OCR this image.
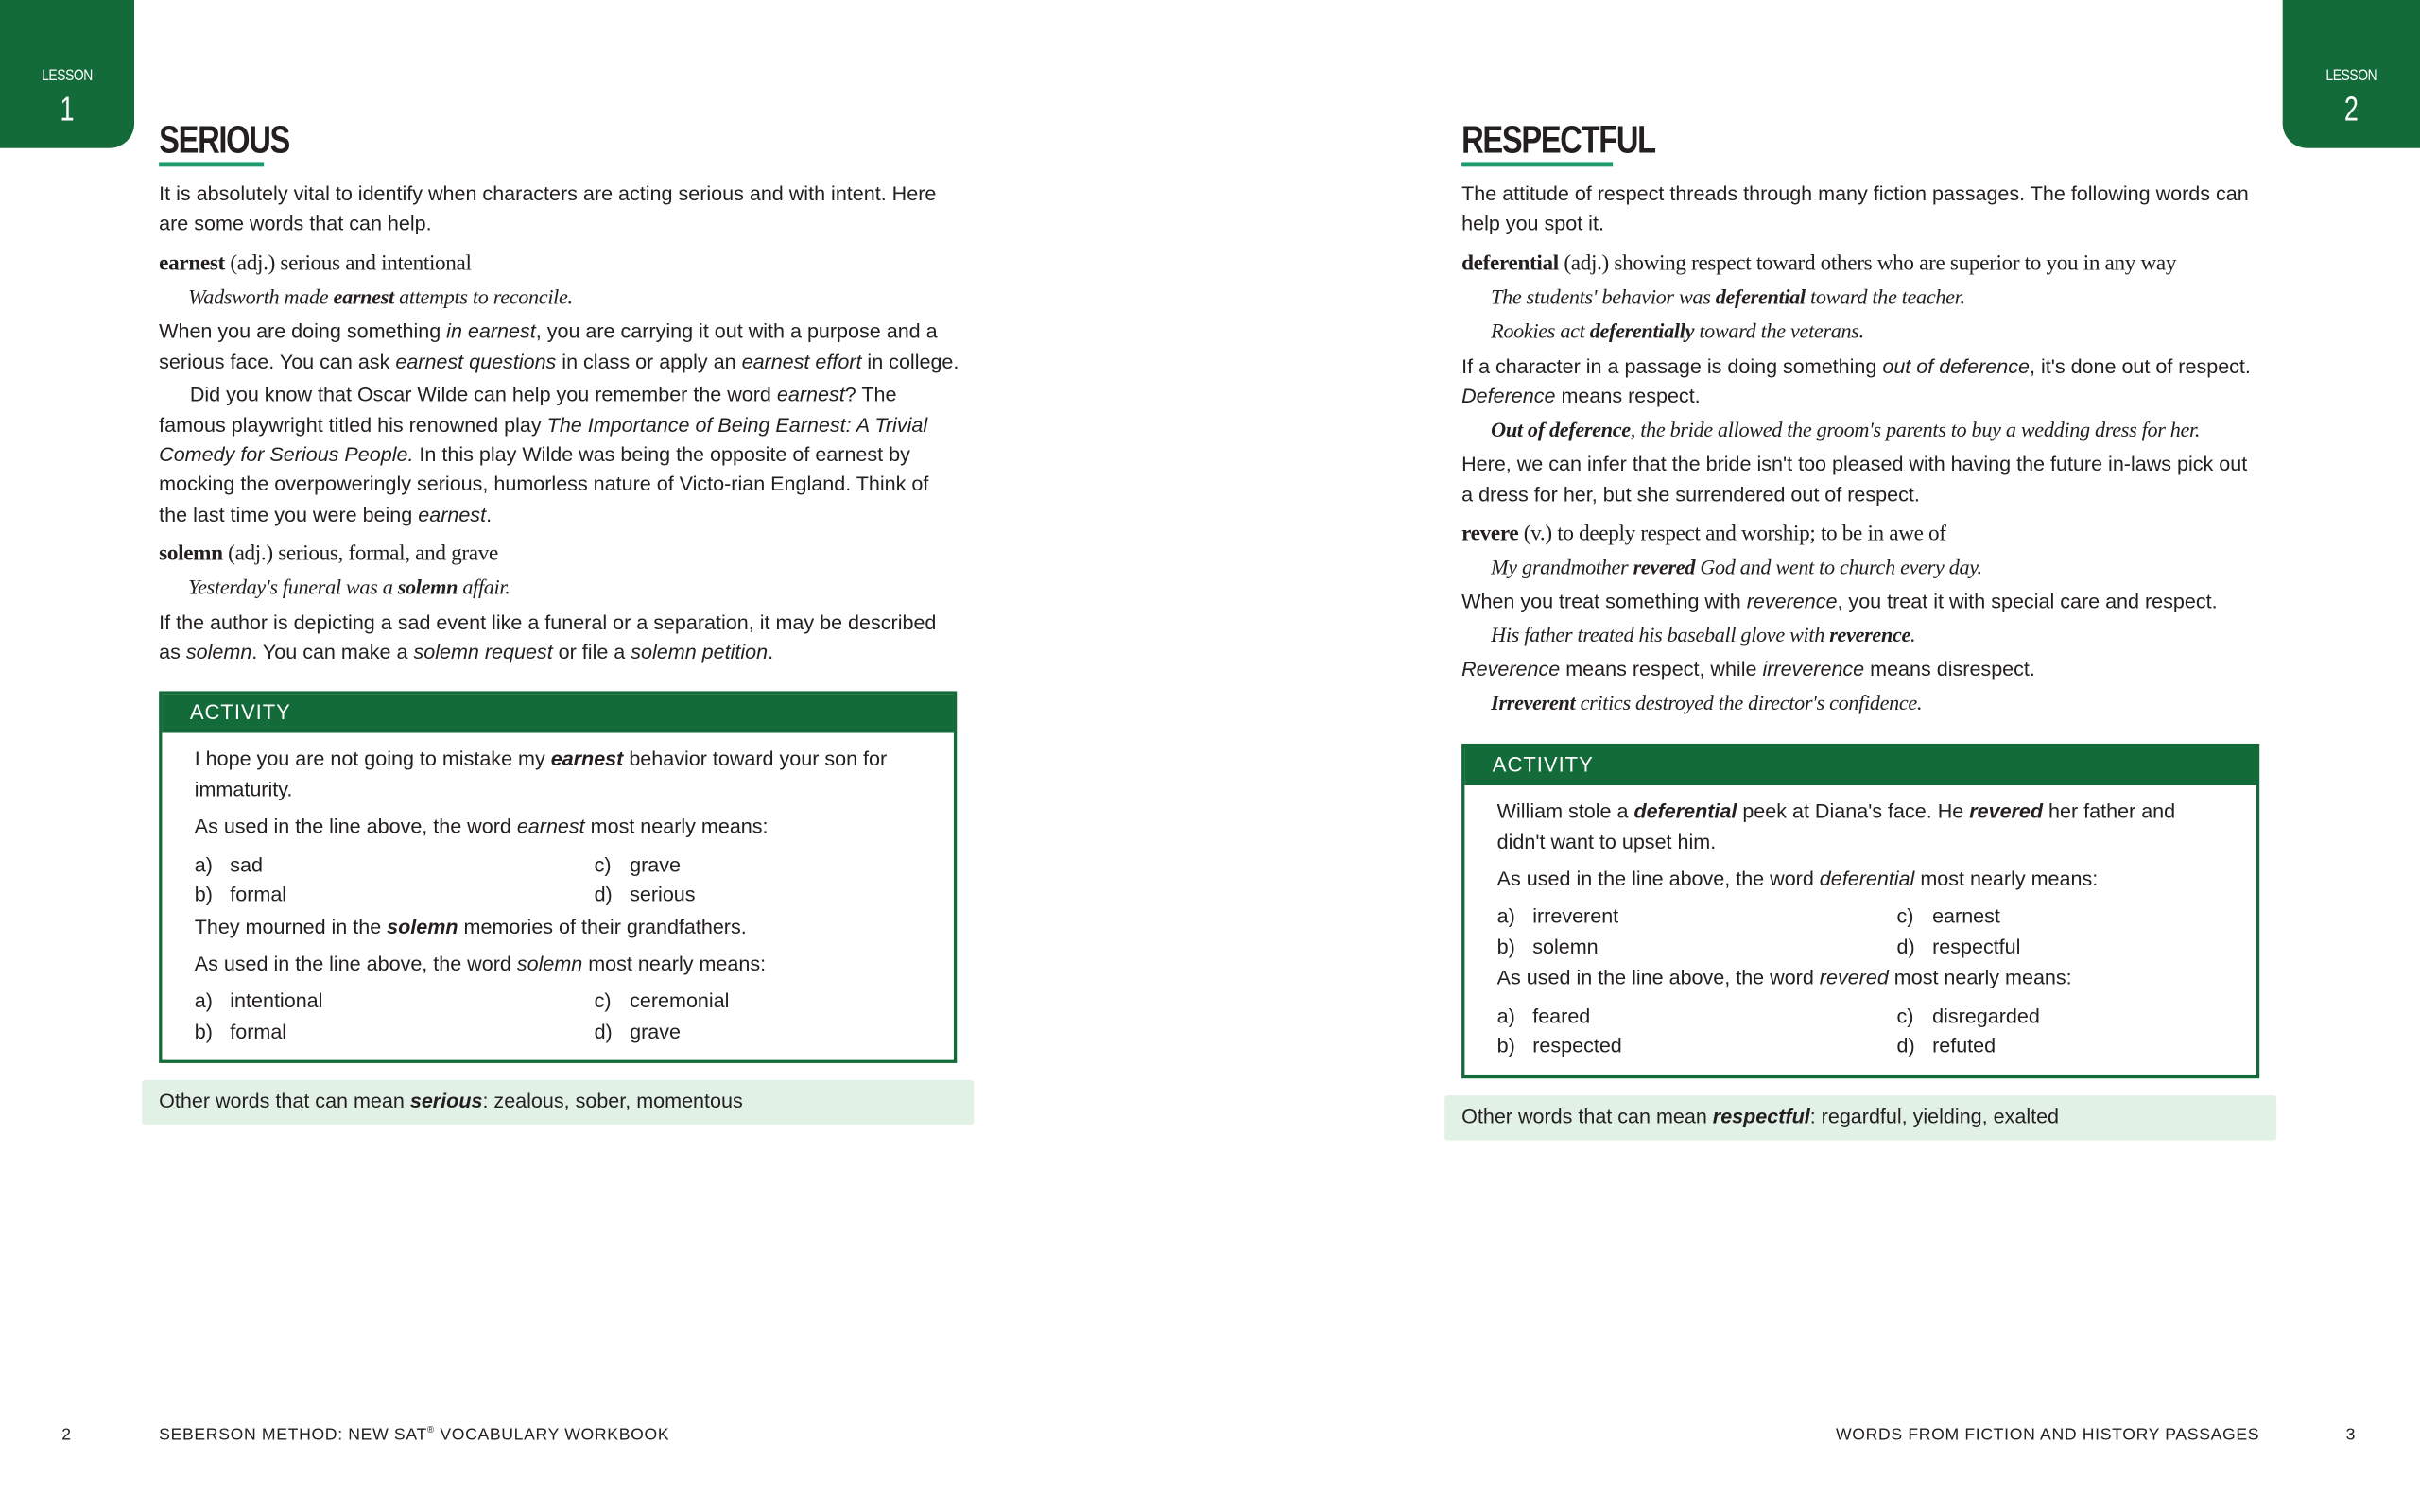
LESSON
1
LESSON
2
SERIOUS

It is absolutely vital to identify when characters are acting serious and with intent. Here are some words that can help.

earnest (adj.) serious and intentional

Wadsworth made earnest attempts to reconcile.

When you are doing something in earnest, you are carrying it out with a purpose and a serious face. You can ask earnest questions in class or apply an earnest effort in college.

Did you know that Oscar Wilde can help you remember the word earnest? The famous playwright titled his renowned play The Importance of Being Earnest: A Trivial Comedy for Serious People. In this play Wilde was being the opposite of earnest by mocking the overpoweringly serious, humorless nature of Victo-rian England. Think of the last time you were being earnest.

solemn (adj.) serious, formal, and grave

Yesterday's funeral was a solemn affair.

If the author is depicting a sad event like a funeral or a separation, it may be described as solemn. You can make a solemn request or file a solemn petition.

ACTIVITY

I hope you are not going to mistake my earnest behavior toward your son for immaturity.

As used in the line above, the word earnest most nearly means:

a) sad	c) grave
b) formal	d) serious

They mourned in the solemn memories of their grandfathers.

As used in the line above, the word solemn most nearly means:

a) intentional	c) ceremonial
b) formal	d) grave
Other words that can mean serious: zealous, sober, momentous
RESPECTFUL

The attitude of respect threads through many fiction passages. The following words can help you spot it.

deferential (adj.) showing respect toward others who are superior to you in any way

The students' behavior was deferential toward the teacher.

Rookies act deferentially toward the veterans.

If a character in a passage is doing something out of deference, it's done out of respect. Deference means respect.

Out of deference, the bride allowed the groom's parents to buy a wedding dress for her.

Here, we can infer that the bride isn't too pleased with having the future in-laws pick out a dress for her, but she surrendered out of respect.

revere (v.) to deeply respect and worship; to be in awe of

My grandmother revered God and went to church every day.

When you treat something with reverence, you treat it with special care and respect.

His father treated his baseball glove with reverence.

Reverence means respect, while irreverence means disrespect.

Irreverent critics destroyed the director's confidence.

ACTIVITY

William stole a deferential peek at Diana's face. He revered her father and didn't want to upset him.

As used in the line above, the word deferential most nearly means:

a) irreverent	c) earnest
b) solemn	d) respectful

As used in the line above, the word revered most nearly means:

a) feared	c) disregarded
b) respected	d) refuted
Other words that can mean respectful: regardful, yielding, exalted
2	SEBERSON METHOD: NEW SAT® VOCABULARY WORKBOOK	WORDS FROM FICTION AND HISTORY PASSAGES	3
